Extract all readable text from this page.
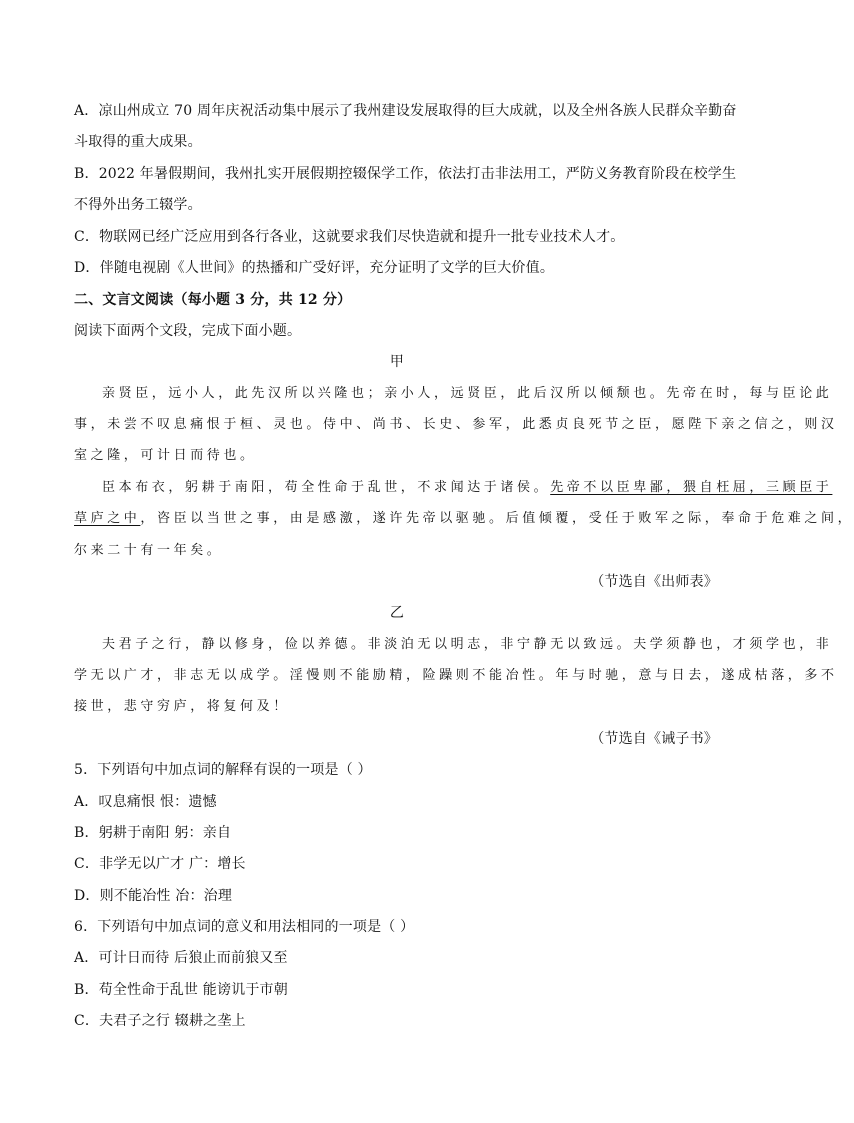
A．凉山州成立 70 周年庆祝活动集中展示了我州建设发展取得的巨大成就，以及全州各族人民群众辛勤奋
斗取得的重大成果。
B．2022 年暑假期间，我州扎实开展假期控辍保学工作，依法打击非法用工，严防义务教育阶段在校学生
不得外出务工辍学。
C．物联网已经广泛应用到各行各业，这就要求我们尽快造就和提升一批专业技术人才。
D．伴随电视剧《人世间》的热播和广受好评，充分证明了文学的巨大价值。
二、文言文阅读（每小题 3 分，共 12 分）
阅读下面两个文段，完成下面小题。
甲
亲贤臣，远小人，此先汉所以兴隆也；亲小人，远贤臣，此后汉所以倾颓也。先帝在时，每与臣论此
事，未尝不叹息痛恨于桓、灵也。侍中、尚书、长史、参军，此悉贞良死节之臣，愿陛下亲之信之，则汉
室之隆，可计日而待也。
臣本布衣，躬耕于南阳，苟全性命于乱世，不求闻达于诸侯。先帝不以臣卑鄙，猥自枉屈，三顾臣于
草庐之中，咨臣以当世之事，由是感激，遂许先帝以驱驰。后值倾覆，受任于败军之际，奉命于危难之间，
尔来二十有一年矣。
（节选自《出师表》
乙
夫君子之行，静以修身，俭以养德。非淡泊无以明志，非宁静无以致远。夫学须静也，才须学也，非
学无以广才，非志无以成学。淫慢则不能励精，险躁则不能冶性。年与时驰，意与日去，遂成枯落，多不
接世，悲守穷庐，将复何及！
（节选自《诫子书》
5．下列语句中加点词的解释有误的一项是（ ）
A．叹息痛恨 恨：遗憾
B．躬耕于南阳 躬：亲自
C．非学无以广才 广：增长
D．则不能冶性 冶：治理
6．下列语句中加点词的意义和用法相同的一项是（ ）
A．可计日而待 后狼止而前狼又至
B．苟全性命于乱世 能谤讥于市朝
C．夫君子之行 辍耕之垄上
